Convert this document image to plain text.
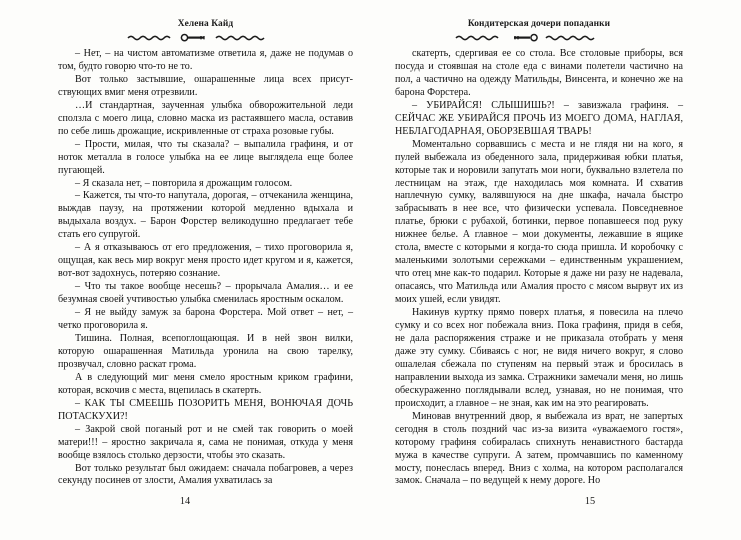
Хелена Кайд

– Нет, – на чистом автоматизме ответила я, даже не подумав о том, будто говорю что-то не то.

Вот только застывшие, ошарашенные лица всех присутствующих вмиг меня отрезвили.

…И стандартная, заученная улыбка обворожительной леди сползла с моего лица, словно маска из растаявшего масла, оставив по себе лишь дрожащие, искривленные от страха розовые губы.

– Прости, милая, что ты сказала? – выпалила графиня, и от ноток металла в голосе улыбка на ее лице выглядела еще более пугающей.

– Я сказала нет, – повторила я дрожащим голосом.

– Кажется, ты что-то напутала, дорогая, – отчеканила женщина, выждав паузу, на протяжении которой медленно вдыхала и выдыхала воздух. – Барон Форстер великодушно предлагает тебе стать его супругой.

– А я отказываюсь от его предложения, – тихо проговорила я, ощущая, как весь мир вокруг меня просто идет кругом и я, кажется, вот-вот задохнусь, потеряю сознание.

– Что ты такое вообще несешь? – прорычала Амалия… и ее безумная своей учтивостью улыбка сменилась яростным оскалом.

– Я не выйду замуж за барона Форстера. Мой ответ – нет, – четко проговорила я.

Тишина. Полная, всепоглощающая. И в ней звон вилки, которую ошарашенная Матильда уронила на свою тарелку, прозвучал, словно раскат грома.

А в следующий миг меня смело яростным криком графини, которая, вскочив с места, вцепилась в скатерть.

– КАК ТЫ СМЕЕШЬ ПОЗОРИТЬ МЕНЯ, ВОНЮЧАЯ ДОЧЬ ПОТАСКУХИ?!

– Закрой свой поганый рот и не смей так говорить о моей матери!!! – яростно закричала я, сама не понимая, откуда у меня вообще взялось столько дерзости, чтобы это сказать.

Вот только результат был ожидаем: сначала побагровев, а через секунду посинев от злости, Амалия ухватилась за

14
Кондитерская дочери попаданки

скатерть, сдергивая ее со стола. Все столовые приборы, вся посуда и стоявшая на столе еда с винами полетели частично на пол, а частично на одежду Матильды, Винсента, и конечно же на барона Форстера.

– УБИРАЙСЯ! СЛЫШИШЬ?! – завизжала графиня. – СЕЙЧАС ЖЕ УБИРАЙСЯ ПРОЧЬ ИЗ МОЕГО ДОМА, НАГЛАЯ, НЕБЛАГОДАРНАЯ, ОБОРЗЕВШАЯ ТВАРЬ!

Моментально сорвавшись с места и не глядя ни на кого, я пулей выбежала из обеденного зала, придерживая юбки платья, которые так и норовили запутать мои ноги, буквально взлетела по лестницам на этаж, где находилась моя комната. И схватив наплечную сумку, валявшуюся на дне шкафа, начала быстро забрасывать в нее все, что физически успевала. Повседневное платье, брюки с рубахой, ботинки, первое попавшееся под руку нижнее белье. А главное – мои документы, лежавшие в ящике стола, вместе с которыми я когда-то сюда пришла. И коробочку с маленькими золотыми сережками – единственным украшением, что отец мне как-то подарил. Которые я даже ни разу не надевала, опасаясь, что Матильда или Амалия просто с мясом вырвут их из моих ушей, если увидят.

Накинув куртку прямо поверх платья, я повесила на плечо сумку и со всех ног побежала вниз. Пока графиня, придя в себя, не дала распоряжения страже и не приказала отобрать у меня даже эту сумку. Сбиваясь с ног, не видя ничего вокруг, я слово ошалелая сбежала по ступеням на первый этаж и бросилась в направлении выхода из замка. Стражники замечали меня, но лишь обескураженно поглядывали вслед, узнавая, но не понимая, что происходит, а главное – не зная, как им на это реагировать.

Миновав внутренний двор, я выбежала из врат, не запертых сегодня в столь поздний час из-за визита «уважаемого гостя», которому графиня собиралась спихнуть ненавистного бастарда мужа в качестве супруги. А затем, промчавшись по каменному мосту, понеслась вперед. Вниз с холма, на котором располагался замок. Сначала – по ведущей к нему дороге. Но

15
